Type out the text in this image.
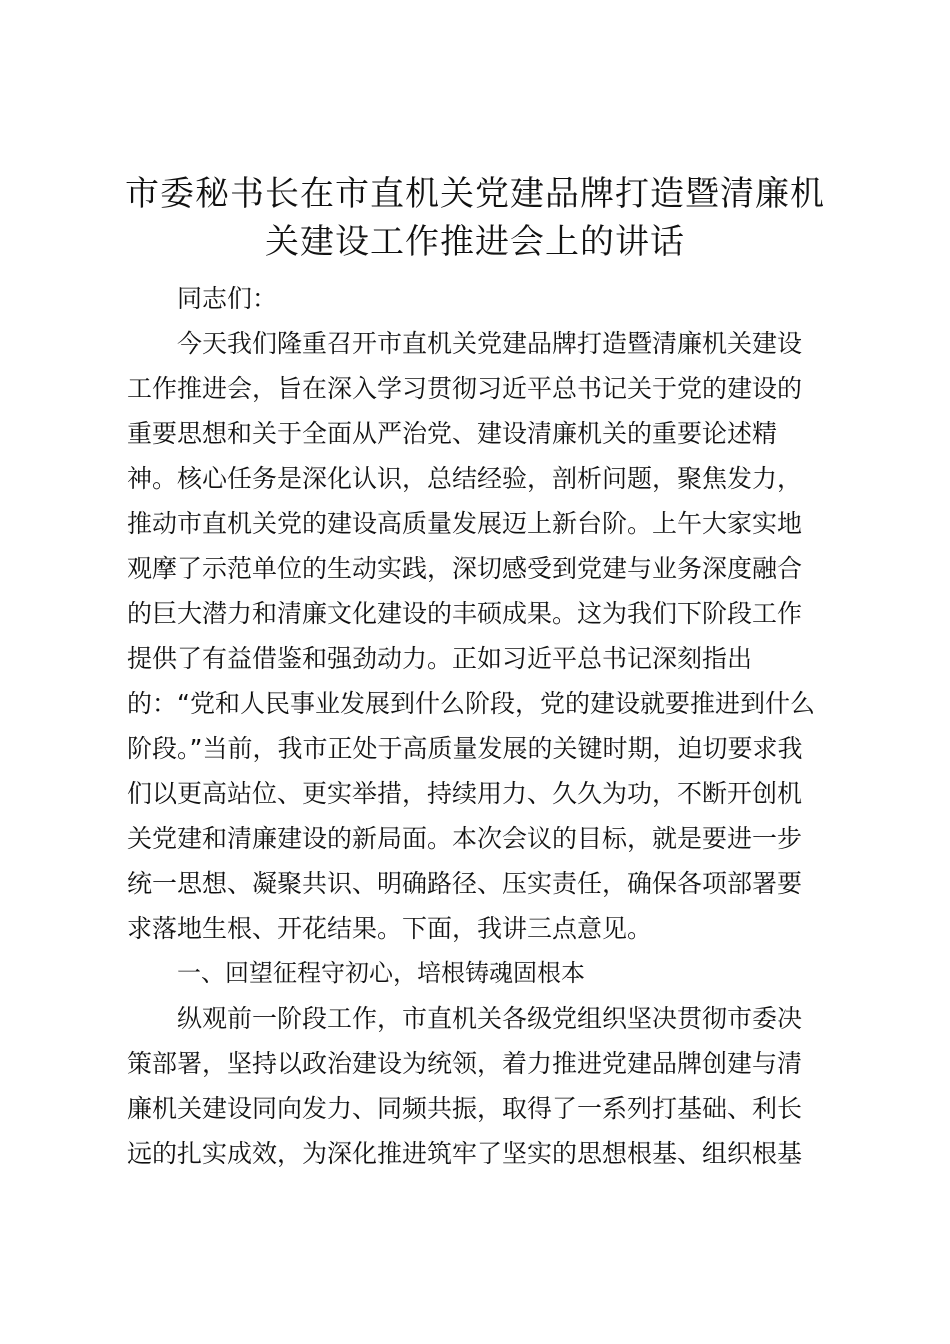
市委秘书长在市直机关党建品牌打造暨清廉机
关建设工作推进会上的讲话

同志们：

今天我们隆重召开市直机关党建品牌打造暨清廉机关建设
工作推进会，旨在深入学习贯彻习近平总书记关于党的建设的
重要思想和关于全面从严治党、建设清廉机关的重要论述精
神。核心任务是深化认识，总结经验，剖析问题，聚焦发力，
推动市直机关党的建设高质量发展迈上新台阶。上午大家实地
观摩了示范单位的生动实践，深切感受到党建与业务深度融合
的巨大潜力和清廉文化建设的丰硕成果。这为我们下阶段工作
提供了有益借鉴和强劲动力。正如习近平总书记深刻指出
的：“党和人民事业发展到什么阶段，党的建设就要推进到什么
阶段。”当前，我市正处于高质量发展的关键时期，迫切要求我
们以更高站位、更实举措，持续用力、久久为功，不断开创机
关党建和清廉建设的新局面。本次会议的目标，就是要进一步
统一思想、凝聚共识、明确路径、压实责任，确保各项部署要
求落地生根、开花结果。下面，我讲三点意见。

一、回望征程守初心，培根铸魂固根本

纵观前一阶段工作，市直机关各级党组织坚决贯彻市委决
策部署，坚持以政治建设为统领，着力推进党建品牌创建与清
廉机关建设同向发力、同频共振，取得了一系列打基础、利长
远的扎实成效，为深化推进筑牢了坚实的思想根基、组织根基
